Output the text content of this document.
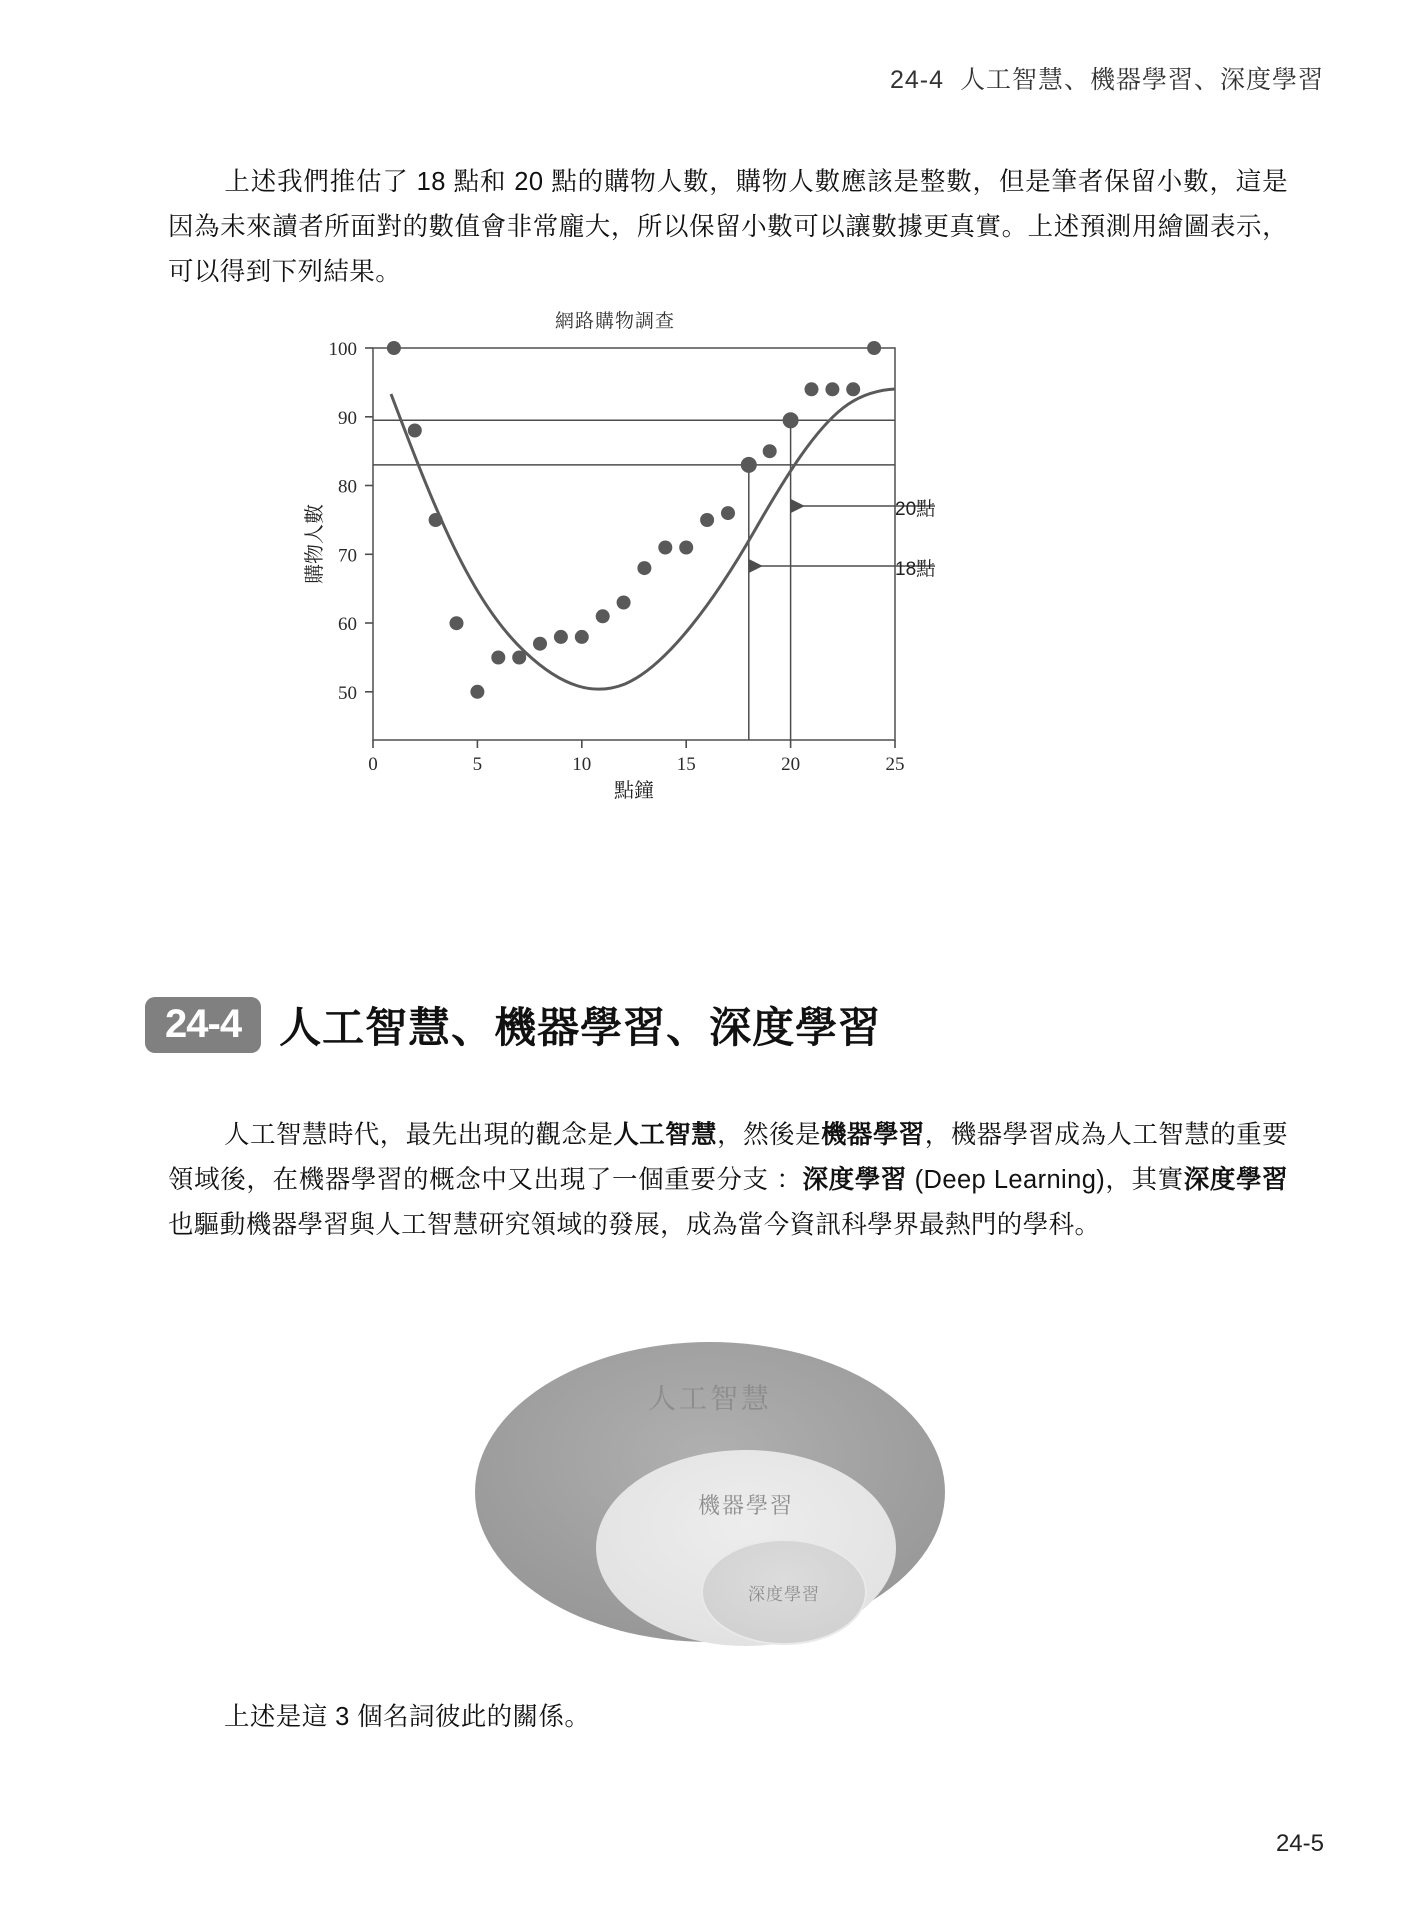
24-4 人工智慧、機器學習、深度學習
上述我們推估了 18 點和 20 點的購物人數，購物人數應該是整數，但是筆者保留小數，這是因為未來讀者所面對的數值會非常龐大，所以保留小數可以讓數據更真實。上述預測用繪圖表示，可以得到下列結果。
網路購物調查
100
90
80
70
60
50
0	5	10	15	20	25
點鐘
購物人數	20點
18點
24-4 人工智慧、機器學習、深度學習
人工智慧時代，最先出現的觀念是人工智慧，然後是機器學習，機器學習成為人工智慧的重要領域後，在機器學習的概念中又出現了一個重要分支 ：深度學習 (Deep Learning)，其實深度學習也驅動機器學習與人工智慧研究領域的發展，成為當今資訊科學界最熱門的學科。
人工智慧
機器學習
深度學習
上述是這 3 個名詞彼此的關係。
24-5
